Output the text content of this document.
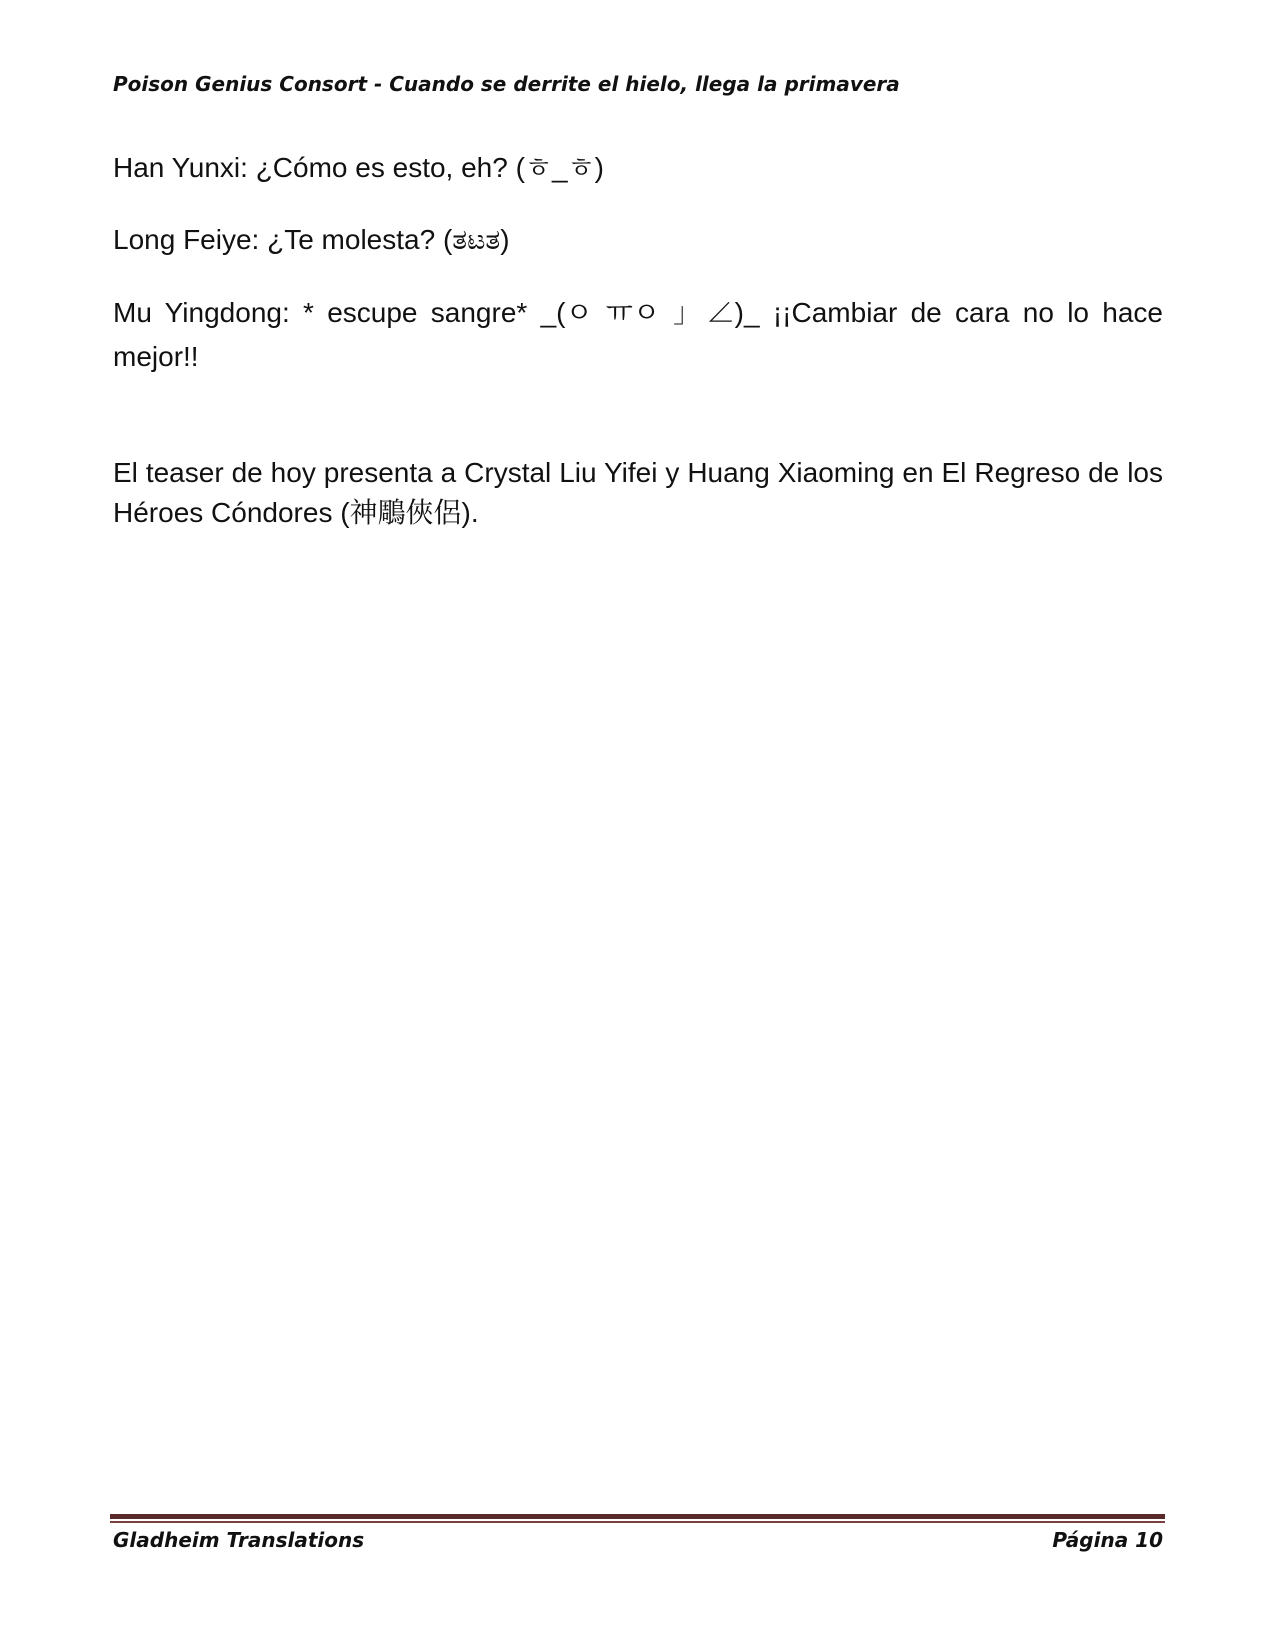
Poison Genius Consort - Cuando se derrite el hielo, llega la primavera
Han Yunxi: ¿Cómo es esto, eh? (ㅎ_ㅎ)
Long Feiye: ¿Te molesta? (ತಟತ)
Mu Yingdong: * escupe sangre* _(ㅇ ㅠㅇ 」∠)_ ¡¡Cambiar de cara no lo hace mejor!!
El teaser de hoy presenta a Crystal Liu Yifei y Huang Xiaoming en El Regreso de los Héroes Cóndores (神鵰俠侶).
Gladheim Translations	Página 10
